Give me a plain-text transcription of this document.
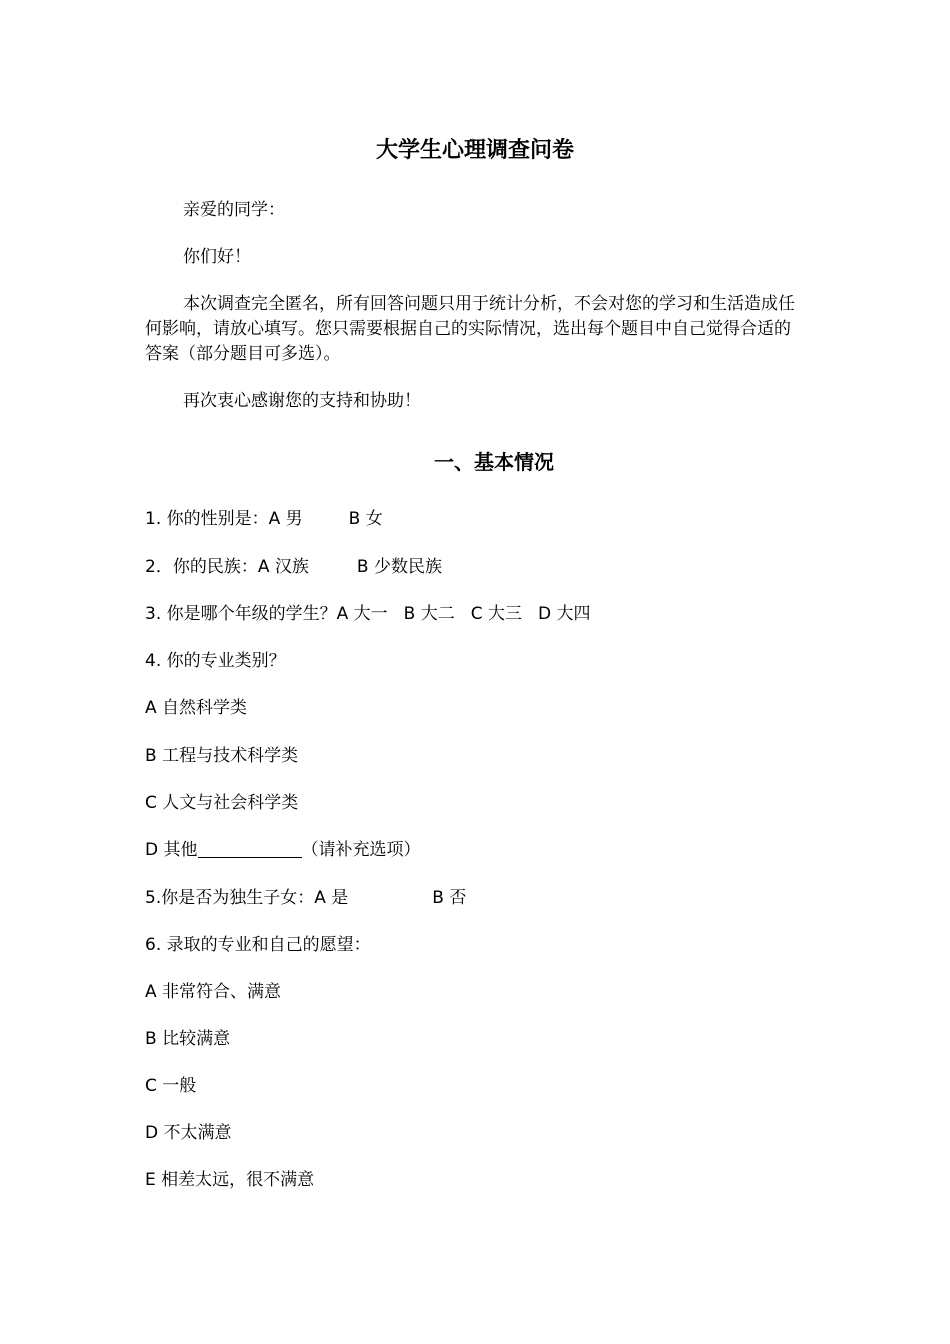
大学生心理调查问卷
亲爱的同学：
你们好！
本次调查完全匿名，所有回答问题只用于统计分析，不会对您的学习和生活造成任何影响，请放心填写。您只需要根据自己的实际情况，选出每个题目中自己觉得合适的答案（部分题目可多选）。
再次衷心感谢您的支持和协助！
一、基本情况
1. 你的性别是：A 男	B 女
2．你的民族：A 汉族	B 少数民族
3. 你是哪个年级的学生？A 大一 B 大二 C 大三 D 大四
4. 你的专业类别？
A 自然科学类
B 工程与技术科学类
C 人文与社会科学类
D 其他	（请补充选项）
5.你是否为独生子女：A 是	B 否
6. 录取的专业和自己的愿望：
A 非常符合、满意
B 比较满意
C 一般
D 不太满意
E 相差太远，很不满意
